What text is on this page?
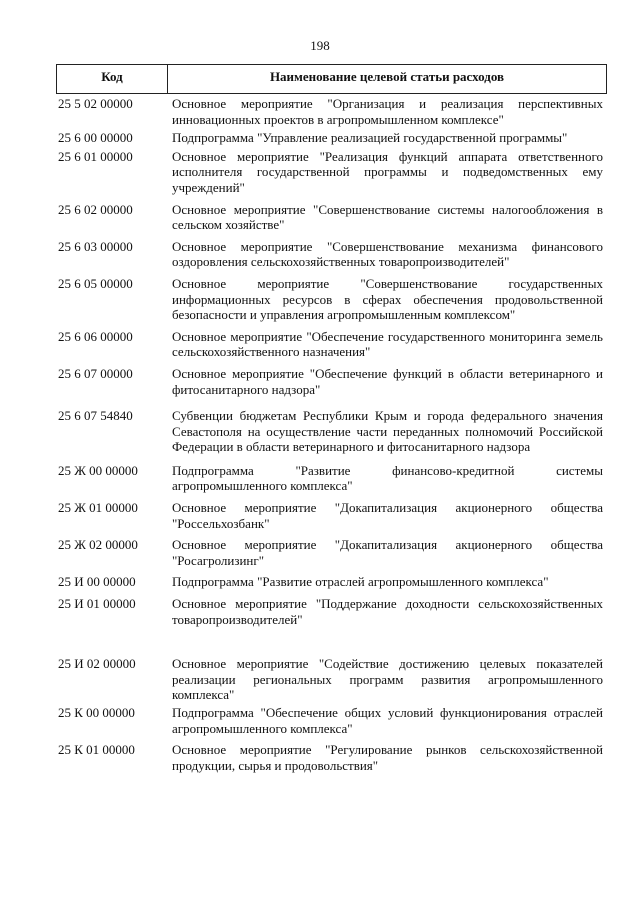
198
Код	Наименование целевой статьи расходов
25 5 02 00000	Основное мероприятие "Организация и реализация перспективных инновационных проектов в агропромышленном комплексе"
25 6 00 00000	Подпрограмма "Управление реализацией государственной программы"
25 6 01 00000	Основное мероприятие "Реализация функций аппарата ответственного исполнителя государственной программы и подведомственных ему учреждений"
25 6 02 00000	Основное мероприятие "Совершенствование системы налогообложения в сельском хозяйстве"
25 6 03 00000	Основное мероприятие "Совершенствование механизма финансового оздоровления сельскохозяйственных товаропроизводителей"
25 6 05 00000	Основное мероприятие "Совершенствование государственных информационных ресурсов в сферах обеспечения продовольственной безопасности и управления агропромышленным комплексом"
25 6 06 00000	Основное мероприятие "Обеспечение государственного мониторинга земель сельскохозяйственного назначения"
25 6 07 00000	Основное мероприятие "Обеспечение функций в области ветеринарного и фитосанитарного надзора"
25 6 07 54840	Субвенции бюджетам Республики Крым и города федерального значения Севастополя на осуществление части переданных полномочий Российской Федерации в области ветеринарного и фитосанитарного надзора
25 Ж 00 00000	Подпрограмма "Развитие финансово-кредитной системы агропромышленного комплекса"
25 Ж 01 00000	Основное мероприятие "Докапитализация акционерного общества "Россельхозбанк"
25 Ж 02 00000	Основное мероприятие "Докапитализация акционерного общества "Росагролизинг"
25 И 00 00000	Подпрограмма "Развитие отраслей агропромышленного комплекса"
25 И 01 00000	Основное мероприятие "Поддержание доходности сельскохозяйственных товаропроизводителей"
25 И 02 00000	Основное мероприятие "Содействие достижению целевых показателей реализации региональных программ развития агропромышленного комплекса"
25 К 00 00000	Подпрограмма "Обеспечение общих условий функционирования отраслей агропромышленного комплекса"
25 К 01 00000	Основное мероприятие "Регулирование рынков сельскохозяйственной продукции, сырья и продовольствия"
